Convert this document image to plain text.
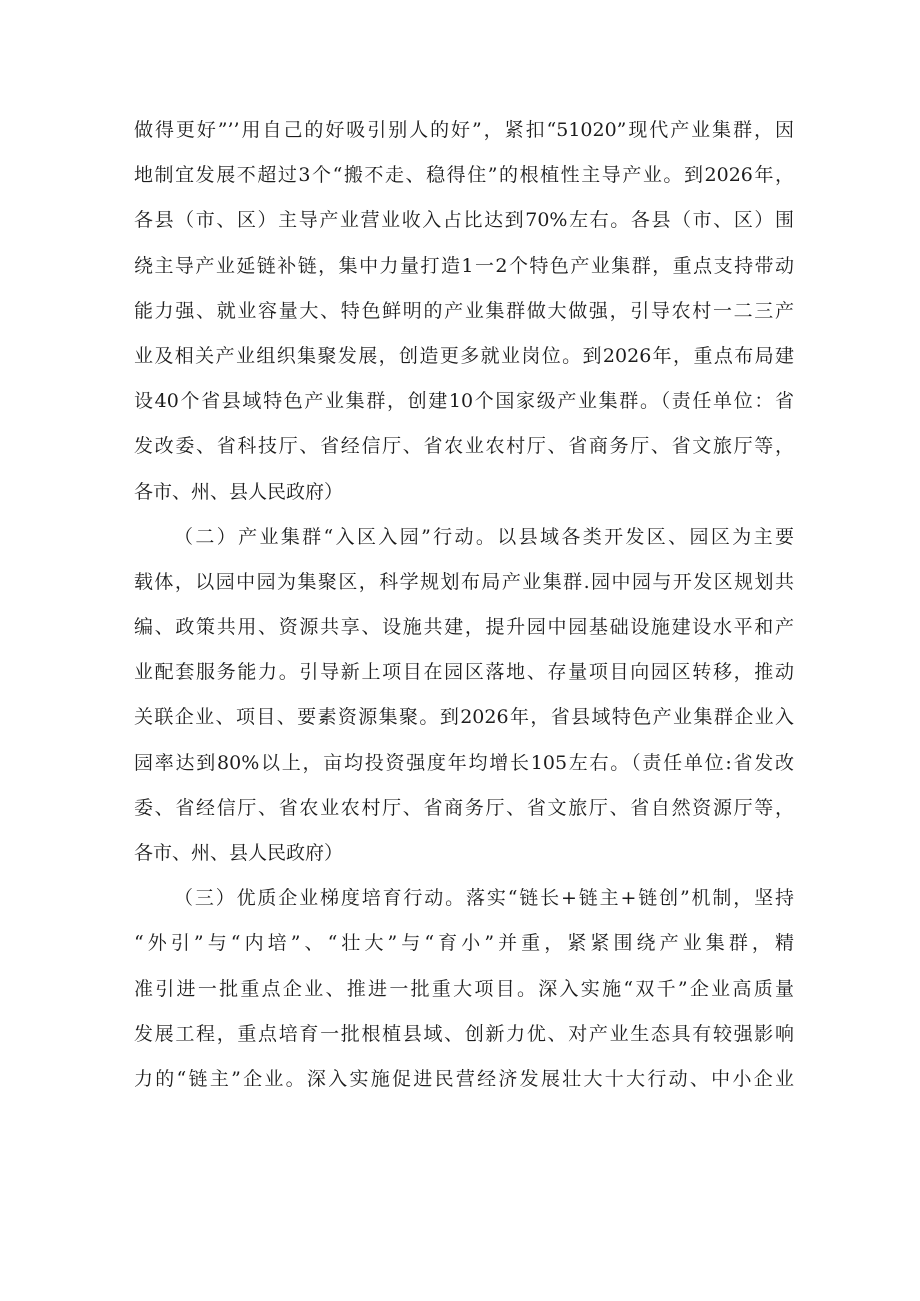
做得更好”’’用自己的好吸引别人的好”，紧扣“51020”现代产业集群，因
地制宜发展不超过3个“搬不走、稳得住”的根植性主导产业。到2026年，
各县（市、区）主导产业营业收入占比达到70%左右。各县（市、区）围
绕主导产业延链补链，集中力量打造1一2个特色产业集群，重点支持带动
能力强、就业容量大、特色鲜明的产业集群做大做强，引导农村一二三产
业及相关产业组织集聚发展，创造更多就业岗位。到2026年，重点布局建
设40个省县域特色产业集群，创建10个国家级产业集群。（责任单位：省
发改委、省科技厅、省经信厅、省农业农村厅、省商务厅、省文旅厅等，
各市、州、县人民政府）
（二）产业集群“入区入园”行动。以县域各类开发区、园区为主要
载体，以园中园为集聚区，科学规划布局产业集群.园中园与开发区规划共
编、政策共用、资源共享、设施共建，提升园中园基础设施建设水平和产
业配套服务能力。引导新上项目在园区落地、存量项目向园区转移，推动
关联企业、项目、要素资源集聚。到2026年，省县域特色产业集群企业入
园率达到80%以上，亩均投资强度年均增长105左右。（责任单位:省发改
委、省经信厅、省农业农村厅、省商务厅、省文旅厅、省自然资源厅等，
各市、州、县人民政府）
（三）优质企业梯度培育行动。落实“链长+链主+链创”机制，坚持
“外引”与“内培”、“壮大”与“育小”并重，紧紧围绕产业集群，精
准引进一批重点企业、推进一批重大项目。深入实施“双千”企业高质量
发展工程，重点培育一批根植县域、创新力优、对产业生态具有较强影响
力的“链主”企业。深入实施促进民营经济发展壮大十大行动、中小企业
